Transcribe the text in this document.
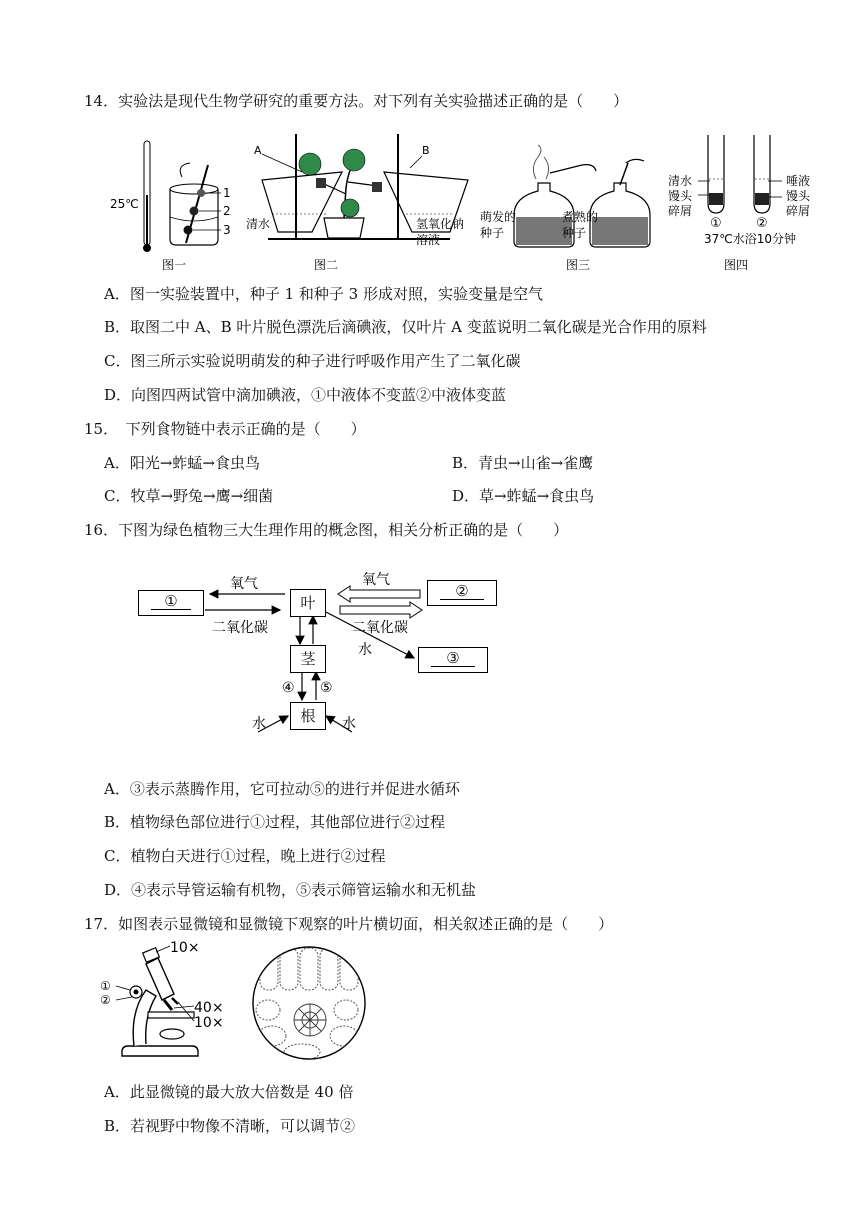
14．实验法是现代生物学研究的重要方法。对下列有关实验描述正确的是（　　）
25℃
1
2
3
图一
A	B
清水	氢氧化钠
溶液
图二
萌发的
种子
煮熟的
种子
图三
清水
馒头
碎屑
唾液
馒头
碎屑
①	②
37℃水浴10分钟
图四
A．图一实验装置中，种子 1 和种子 3 形成对照，实验变量是空气
B．取图二中 A、B 叶片脱色漂洗后滴碘液，仅叶片 A 变蓝说明二氧化碳是光合作用的原料
C．图三所示实验说明萌发的种子进行呼吸作用产生了二氧化碳
D．向图四两试管中滴加碘液，①中液体不变蓝②中液体变蓝
15．　下列食物链中表示正确的是（　　）
A．阳光→蚱蜢→食虫鸟	B．青虫→山雀→雀鹰
C．牧草→野兔→鹰→细菌	D．草→蚱蜢→食虫鸟
16．下图为绿色植物三大生理作用的概念图，相关分析正确的是（　　）
氧气
二氧化碳
氧气
二氧化碳
水
④ ⑤
水	水
①
②
③
叶
茎
根
A．③表示蒸腾作用，它可拉动⑤的进行并促进水循环
B．植物绿色部位进行①过程，其他部位进行②过程
C．植物白天进行①过程，晚上进行②过程
D．④表示导管运输有机物，⑤表示筛管运输水和无机盐
17．如图表示显微镜和显微镜下观察的叶片横切面，相关叙述正确的是（　　）
①
②
10×
40×
10×
A．此显微镜的最大放大倍数是 40 倍
B．若视野中物像不清晰，可以调节②
